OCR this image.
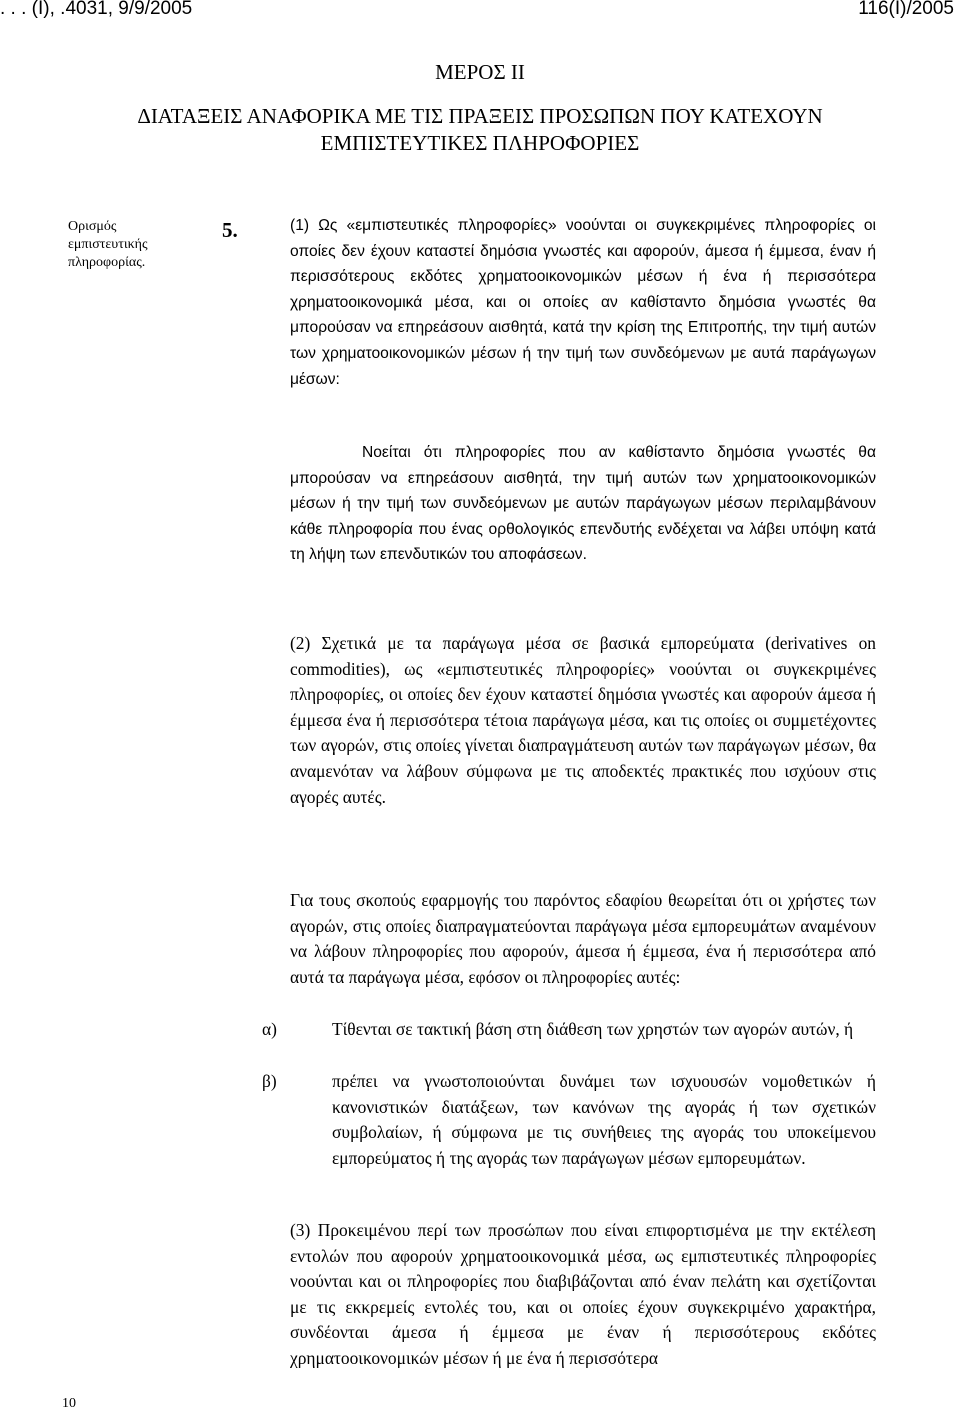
. . . (Ι), .4031, 9/9/2005	116(Ι)/2005
ΜΕΡΟΣ ΙΙ
ΔΙΑΤΑΞΕΙΣ ΑΝΑΦΟΡΙΚΑ ΜΕ ΤΙΣ ΠΡΑΞΕΙΣ ΠΡΟΣΩΠΩΝ ΠΟΥ ΚΑΤΕΧΟΥΝ ΕΜΠΙΣΤΕΥΤΙΚΕΣ ΠΛΗΡΟΦΟΡΙΕΣ
Ορισμός εμπιστευτικής πληροφορίας.
5.	(1) Ως «εμπιστευτικές πληροφορίες» νοούνται οι συγκεκριμένες πληροφορίες οι οποίες δεν έχουν καταστεί δημόσια γνωστές και αφορούν, άμεσα ή έμμεσα, έναν ή περισσότερους εκδότες χρηματοοικονομικών μέσων ή ένα ή περισσότερα χρηματοοικονομικά μέσα, και οι οποίες αν καθίσταντο δημόσια γνωστές θα μπορούσαν να επηρεάσουν αισθητά, κατά την κρίση της Επιτροπής, την τιμή αυτών των χρηματοοικονομικών μέσων ή την τιμή των συνδεόμενων με αυτά παράγωγων μέσων:
Νοείται ότι πληροφορίες που αν καθίσταντο δημόσια γνωστές θα μπορούσαν να επηρεάσουν αισθητά, την τιμή αυτών των χρηματοοικονομικών μέσων ή την τιμή των συνδεόμενων με αυτών παράγωγων μέσων περιλαμβάνουν κάθε πληροφορία που ένας ορθολογικός επενδυτής ενδέχεται να λάβει υπόψη κατά τη λήψη των επενδυτικών του αποφάσεων.
(2) Σχετικά με τα παράγωγα μέσα σε βασικά εμπορεύματα (derivatives on commodities), ως «εμπιστευτικές πληροφορίες» νοούνται οι συγκεκριμένες πληροφορίες, οι οποίες δεν έχουν καταστεί δημόσια γνωστές και αφορούν άμεσα ή έμμεσα ένα ή περισσότερα τέτοια παράγωγα μέσα, και τις οποίες οι συμμετέχοντες των αγορών, στις οποίες γίνεται διαπραγμάτευση αυτών των παράγωγων μέσων, θα αναμενόταν να λάβουν σύμφωνα με τις αποδεκτές πρακτικές που ισχύουν στις αγορές αυτές.
Για τους σκοπούς εφαρμογής του παρόντος εδαφίου θεωρείται ότι οι χρήστες των αγορών, στις οποίες διαπραγματεύονται παράγωγα μέσα εμπορευμάτων αναμένουν να λάβουν πληροφορίες που αφορούν, άμεσα ή έμμεσα, ένα ή περισσότερα από αυτά τα παράγωγα μέσα, εφόσον οι πληροφορίες αυτές:
α)	Τίθενται σε τακτική βάση στη διάθεση των χρηστών των αγορών αυτών, ή
β)	πρέπει να γνωστοποιούνται δυνάμει των ισχυουσών νομοθετικών ή κανονιστικών διατάξεων, των κανόνων της αγοράς ή των σχετικών συμβολαίων, ή σύμφωνα με τις συνήθειες της αγοράς του υποκείμενου εμπορεύματος ή της αγοράς των παράγωγων μέσων εμπορευμάτων.
(3) Προκειμένου περί των προσώπων που είναι επιφορτισμένα με την εκτέλεση εντολών που αφορούν χρηματοοικονομικά μέσα, ως εμπιστευτικές πληροφορίες νοούνται και οι πληροφορίες που διαβιβάζονται από έναν πελάτη και σχετίζονται με τις εκκρεμείς εντολές του, και οι οποίες έχουν συγκεκριμένο χαρακτήρα, συνδέονται άμεσα ή έμμεσα με έναν ή περισσότερους εκδότες χρηματοοικονομικών μέσων ή με ένα ή περισσότερα
10
